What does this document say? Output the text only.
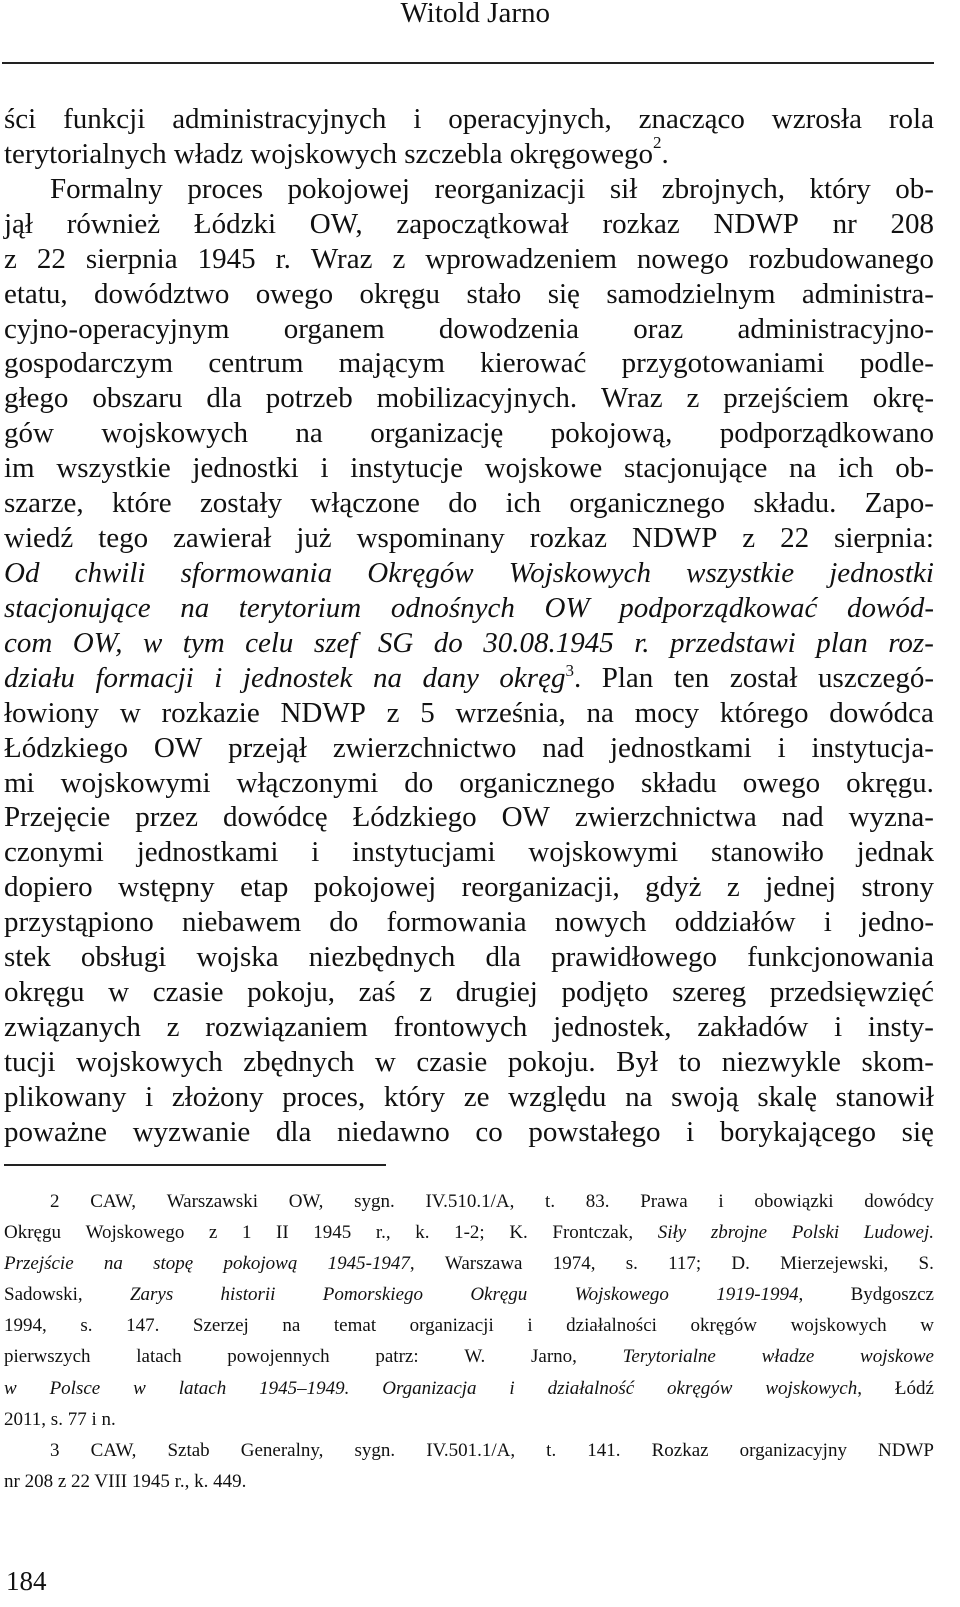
Witold Jarno
ści funkcji administracyjnych i operacyjnych, znacząco wzrosła rola
terytorialnych władz wojskowych szczebla okręgowego$^2$ .
Formalny proces pokojowej reorganizacji sił zbrojnych, który ob-
jął również Łódzki OW, zapoczątkował rozkaz NDWP nr 208
z 22 sierpnia 1945 r. Wraz z wprowadzeniem nowego rozbudowanego
etatu, dowództwo owego okręgu stało się samodzielnym administra-
cyjno-operacyjnym organem dowodzenia oraz administracyjno-
gospodarczym centrum mającym kierować przygotowaniami podle-
głego obszaru dla potrzeb mobilizacyjnych. Wraz z przejściem okrę-
gów wojskowych na organizację pokojową, podporządkowano
im wszystkie jednostki i instytucje wojskowe stacjonujące na ich ob-
szarze, które zostały włączone do ich organicznego składu. Zapo-
wiedź tego zawierał już wspominany rozkaz NDWP z 22 sierpnia:
Od chwili sformowania Okręgów Wojskowych wszystkie jednostki
stacjonujące na terytorium odnośnych OW podporządkować dowód-
com OW, w tym celu szef SG do 30.08.1945 r. przedstawi plan roz-
działu formacji i jednostek na dany okręg$^3$. Plan ten został uszczegó-
łowiony w rozkazie NDWP z 5 września, na mocy którego dowódca
Łódzkiego OW przejął zwierzchnictwo nad jednostkami i instytucja-
mi wojskowymi włączonymi do organicznego składu owego okręgu.
Przejęcie przez dowódcę Łódzkiego OW zwierzchnictwa nad wyzna-
czonymi jednostkami i instytucjami wojskowymi stanowiło jednak
dopiero wstępny etap pokojowej reorganizacji, gdyż z jednej strony
przystąpiono niebawem do formowania nowych oddziałów i jedno-
stek obsługi wojska niezbędnych dla prawidłowego funkcjonowania
okręgu w czasie pokoju, zaś z drugiej podjęto szereg przedsięwzięć
związanych z rozwiązaniem frontowych jednostek, zakładów i insty-
tucji wojskowych zbędnych w czasie pokoju. Był to niezwykle skom-
plikowany i złożony proces, który ze względu na swoją skalę stanowił
poważne wyzwanie dla niedawno co powstałego i borykającego się
2 CAW, Warszawski OW, sygn. IV.510.1/A, t. 83. Prawa i obowiązki dowódcy
Okręgu Wojskowego z 1 II 1945 r., k. 1-2; K. Frontczak, Siły zbrojne Polski Ludowej.
Przejście na stopę pokojową 1945-1947, Warszawa 1974, s. 117; D. Mierzejewski, S.
Sadowski, Zarys historii Pomorskiego Okręgu Wojskowego 1919-1994, Bydgoszcz
1994, s. 147. Szerzej na temat organizacji i działalności okręgów wojskowych w
pierwszych latach powojennych patrz: W. Jarno, Terytorialne władze wojskowe
w Polsce w latach 1945–1949. Organizacja i działalność okręgów wojskowych, Łódź
2011, s. 77 i n.
3 CAW, Sztab Generalny, sygn. IV.501.1/A, t. 141. Rozkaz organizacyjny NDWP
nr 208 z 22 VIII 1945 r., k. 449.
184
